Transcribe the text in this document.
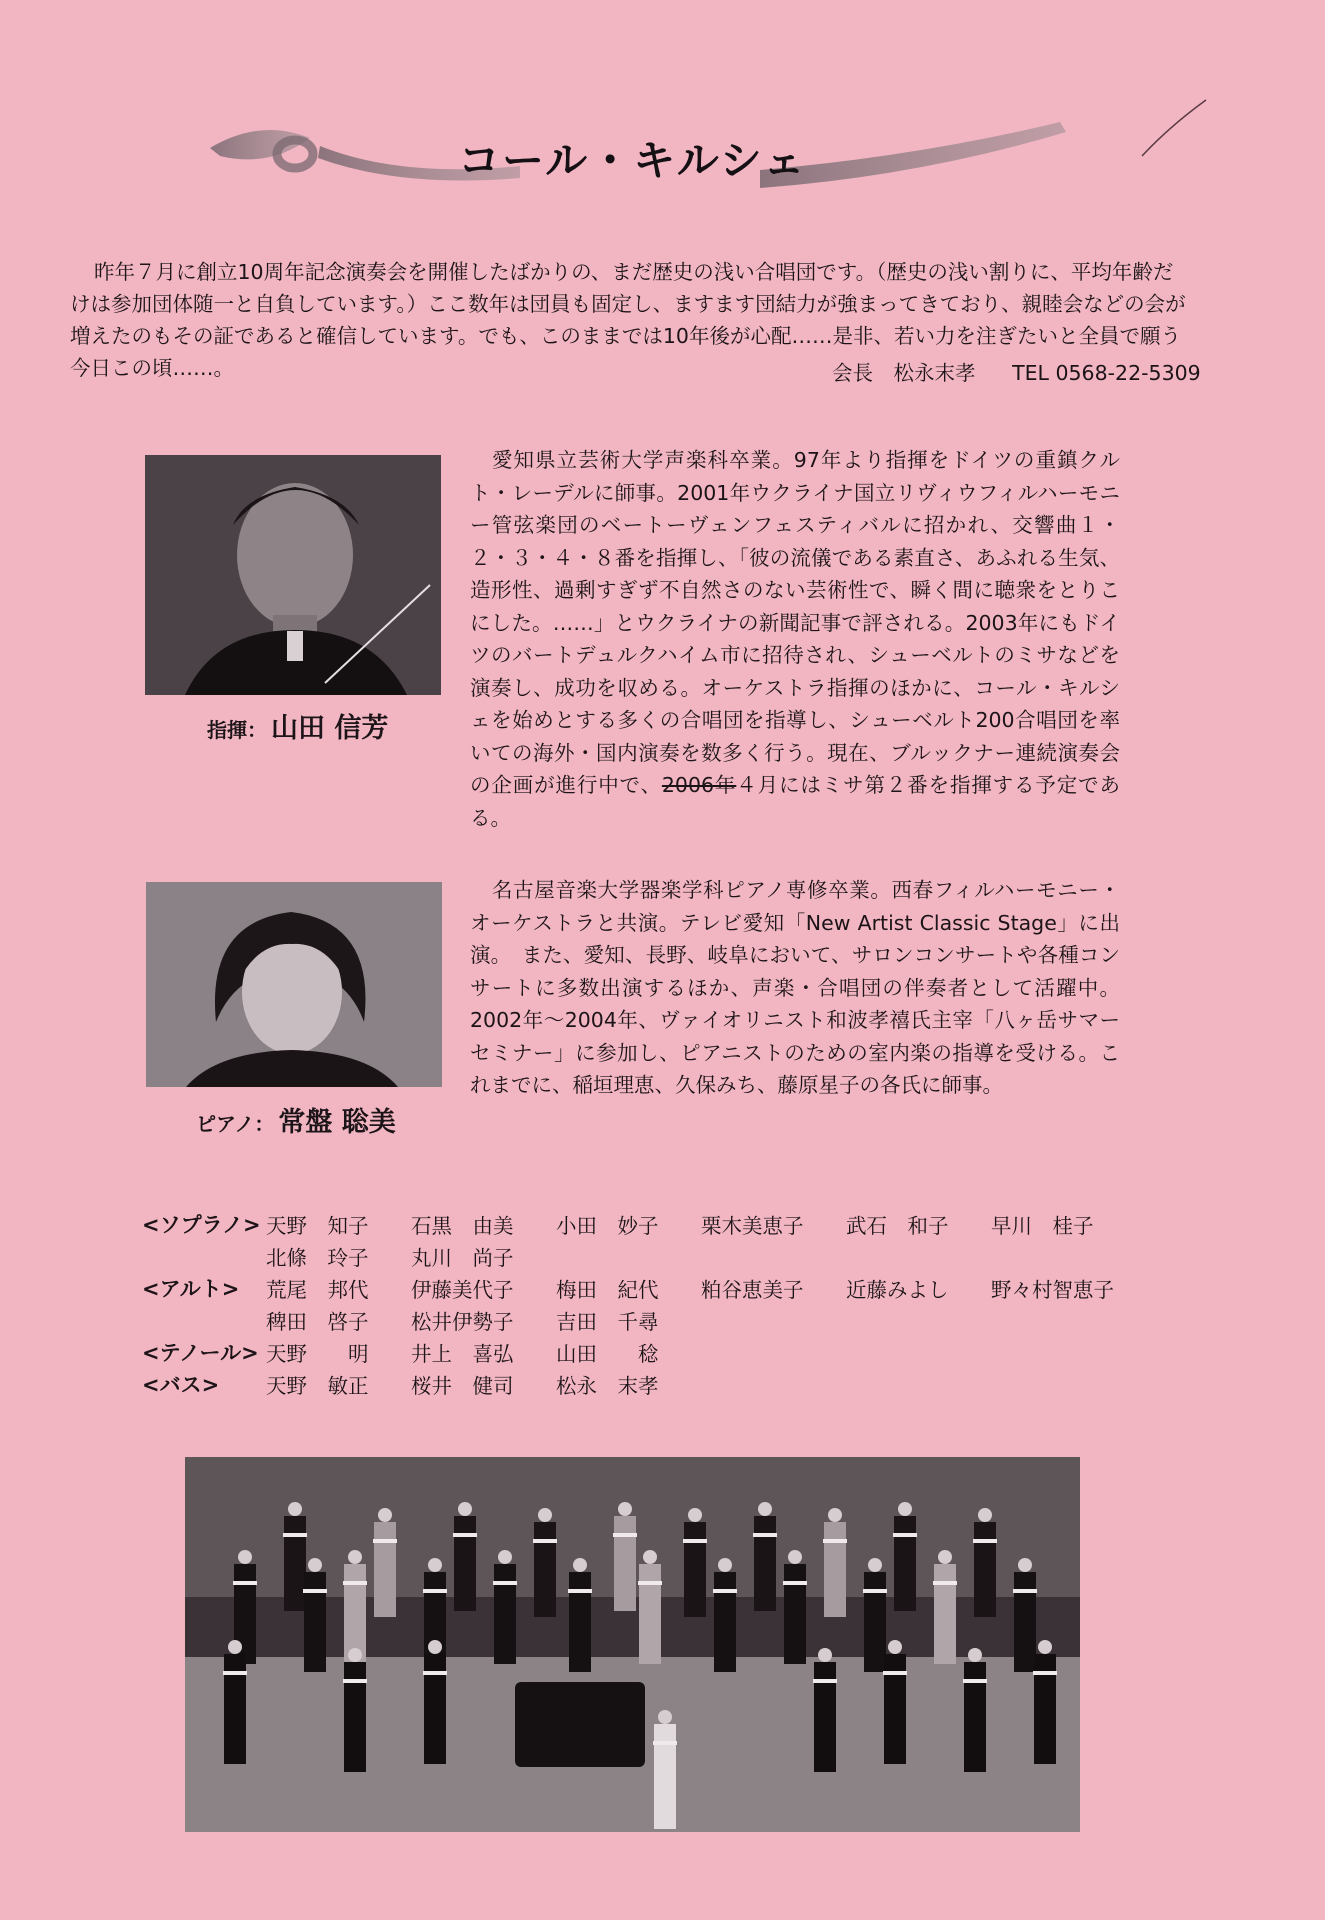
コール・キルシェ
昨年７月に創立10周年記念演奏会を開催したばかりの、まだ歴史の浅い合唱団です。（歴史の浅い割りに、平均年齢だけは参加団体随一と自負しています。）ここ数年は団員も固定し、ますます団結力が強まってきており、親睦会などの会が増えたのもその証であると確信しています。でも、このままでは10年後が心配……是非、若い力を注ぎたいと全員で願う今日この頃……。	会長 松永末孝 TEL 0568-22-5309
指揮： 山田 信芳
愛知県立芸術大学声楽科卒業。97年より指揮をドイツの重鎮クルト・レーデルに師事。2001年ウクライナ国立リヴィウフィルハーモニー管弦楽団のベートーヴェンフェスティバルに招かれ、交響曲１・２・３・４・８番を指揮し、「彼の流儀である素直さ、あふれる生気、造形性、過剰すぎず不自然さのない芸術性で、瞬く間に聴衆をとりこにした。……」とウクライナの新聞記事で評される。2003年にもドイツのバートデュルクハイム市に招待され、シューベルトのミサなどを演奏し、成功を収める。オーケストラ指揮のほかに、コール・キルシェを始めとする多くの合唱団を指導し、シューベルト200合唱団を率いての海外・国内演奏を数多く行う。現在、ブルックナー連続演奏会の企画が進行中で、2006年４月にはミサ第２番を指揮する予定である。
ピアノ： 常盤 聡美
名古屋音楽大学器楽学科ピアノ専修卒業。西春フィルハーモニー・オーケストラと共演。テレビ愛知「New Artist Classic Stage」に出演。　また、愛知、長野、岐阜において、サロンコンサートや各種コンサートに多数出演するほか、声楽・合唱団の伴奏者として活躍中。2002年～2004年、ヴァイオリニスト和波孝禧氏主宰「八ヶ岳サマーセミナー」に参加し、ピアニストのための室内楽の指導を受ける。これまでに、稲垣理恵、久保みち、藤原星子の各氏に師事。
<ソプラノ>	天野　知子	石黒　由美	小田　妙子	栗木美恵子	武石　和子	早川　桂子
	北條　玲子	丸川　尚子				
<アルト>	荒尾　邦代	伊藤美代子	梅田　紀代	粕谷恵美子	近藤みよし	野々村智恵子
	稗田　啓子	松井伊勢子	吉田　千尋			
<テノール>	天野　　明	井上　喜弘	山田　　稔			
<バス>	天野　敏正	桜井　健司	松永　末孝			
